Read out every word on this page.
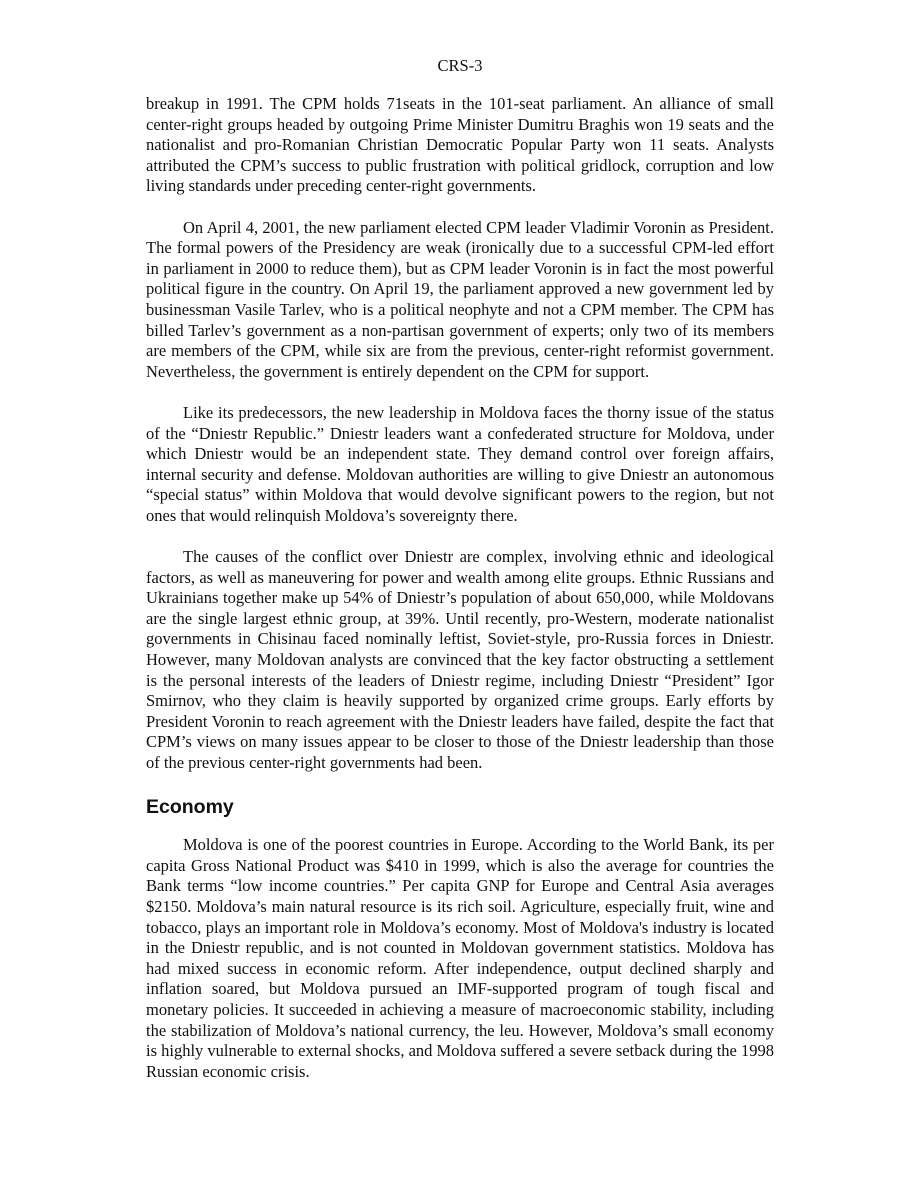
CRS-3

breakup in 1991. The CPM holds 71seats in the 101-seat parliament. An alliance of small center-right groups headed by outgoing Prime Minister Dumitru Braghis won 19 seats and the nationalist and pro-Romanian Christian Democratic Popular Party won 11 seats. Analysts attributed the CPM’s success to public frustration with political gridlock, corruption and low living standards under preceding center-right governments.

On April 4, 2001, the new parliament elected CPM leader Vladimir Voronin as President. The formal powers of the Presidency are weak (ironically due to a successful CPM-led effort in parliament in 2000 to reduce them), but as CPM leader Voronin is in fact the most powerful political figure in the country. On April 19, the parliament approved a new government led by businessman Vasile Tarlev, who is a political neophyte and not a CPM member. The CPM has billed Tarlev’s government as a non-partisan government of experts; only two of its members are members of the CPM, while six are from the previous, center-right reformist government. Nevertheless, the government is entirely dependent on the CPM for support.

Like its predecessors, the new leadership in Moldova faces the thorny issue of the status of the “Dniestr Republic.” Dniestr leaders want a confederated structure for Moldova, under which Dniestr would be an independent state. They demand control over foreign affairs, internal security and defense. Moldovan authorities are willing to give Dniestr an autonomous “special status” within Moldova that would devolve significant powers to the region, but not ones that would relinquish Moldova’s sovereignty there.

The causes of the conflict over Dniestr are complex, involving ethnic and ideological factors, as well as maneuvering for power and wealth among elite groups. Ethnic Russians and Ukrainians together make up 54% of Dniestr’s population of about 650,000, while Moldovans are the single largest ethnic group, at 39%. Until recently, pro-Western, moderate nationalist governments in Chisinau faced nominally leftist, Soviet-style, pro-Russia forces in Dniestr. However, many Moldovan analysts are convinced that the key factor obstructing a settlement is the personal interests of the leaders of Dniestr regime, including Dniestr “President” Igor Smirnov, who they claim is heavily supported by organized crime groups. Early efforts by President Voronin to reach agreement with the Dniestr leaders have failed, despite the fact that CPM’s views on many issues appear to be closer to those of the Dniestr leadership than those of the previous center-right governments had been.

Economy

Moldova is one of the poorest countries in Europe. According to the World Bank, its per capita Gross National Product was $410 in 1999, which is also the average for countries the Bank terms “low income countries.” Per capita GNP for Europe and Central Asia averages $2150. Moldova’s main natural resource is its rich soil. Agriculture, especially fruit, wine and tobacco, plays an important role in Moldova’s economy. Most of Moldova's industry is located in the Dniestr republic, and is not counted in Moldovan government statistics. Moldova has had mixed success in economic reform. After independence, output declined sharply and inflation soared, but Moldova pursued an IMF-supported program of tough fiscal and monetary policies. It succeeded in achieving a measure of macroeconomic stability, including the stabilization of Moldova’s national currency, the leu. However, Moldova’s small economy is highly vulnerable to external shocks, and Moldova suffered a severe setback during the 1998 Russian economic crisis.
